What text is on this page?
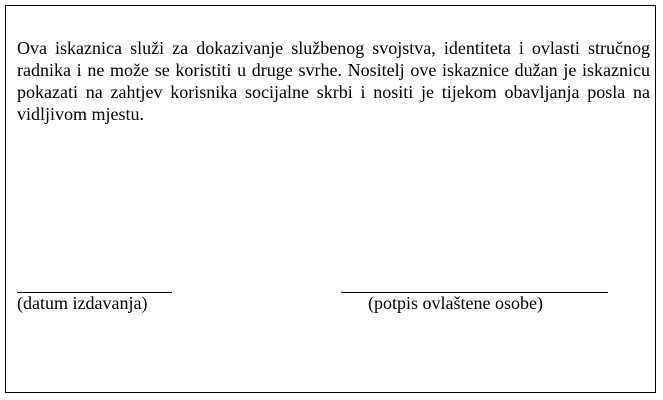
Ova iskaznica služi za dokazivanje službenog svojstva, identiteta i ovlasti stručnog radnika i ne može se koristiti u druge svrhe. Nositelj ove iskaznice dužan je iskaznicu pokazati na zahtjev korisnika socijalne skrbi i nositi je tijekom obavljanja posla na vidljivom mjestu.

(datum izdavanja)	(potpis ovlaštene osobe)
